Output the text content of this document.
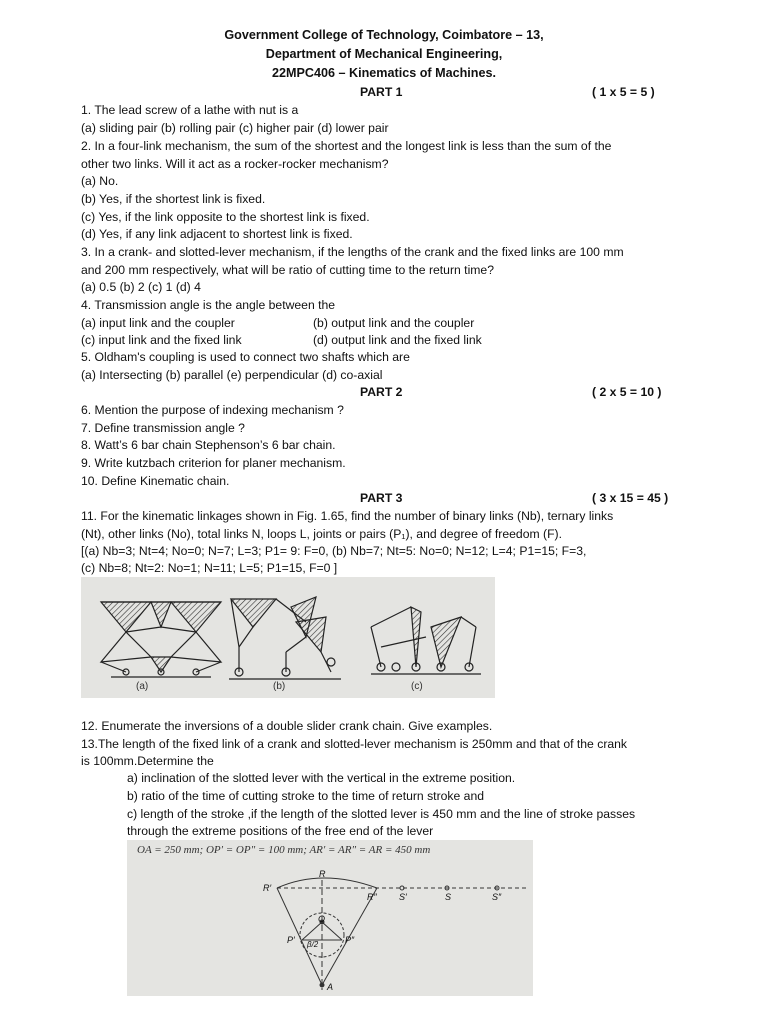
Government College of Technology, Coimbatore – 13,
Department of Mechanical Engineering,
22MPC406 – Kinematics of Machines.
PART 1	( 1 x 5 = 5 )
1. The lead screw of a lathe with nut is a
(a) sliding pair (b) rolling pair (c) higher pair (d) lower pair
2. In a four-link mechanism, the sum of the shortest and the longest link is less than the sum of the
other two links. Will it act as a rocker-rocker mechanism?
(a) No.
(b) Yes, if the shortest link is fixed.
(c) Yes, if the link opposite to the shortest link is fixed.
(d) Yes, if any link adjacent to shortest link is fixed.
3. In a crank- and slotted-lever mechanism, if the lengths of the crank and the fixed links are 100 mm
and 200 mm respectively, what will be ratio of cutting time to the return time?
(a) 0.5 (b) 2 (c) 1 (d) 4
4. Transmission angle is the angle between the
(a) input link and the coupler	(b) output link and the coupler
(c) input link and the fixed link	(d) output link and the fixed link
5. Oldham's coupling is used to connect two shafts which are
(a) Intersecting (b) parallel (e) perpendicular (d) co-axial
PART 2	( 2 x 5 = 10 )
6. Mention the purpose of indexing mechanism ?
7. Define transmission angle ?
8. Watt’s 6 bar chain Stephenson’s 6 bar chain.
9. Write kutzbach criterion for planer mechanism.
10. Define Kinematic chain.
PART 3	( 3 x 15 = 45 )
11. For the kinematic linkages shown in Fig. 1.65, find the number of binary links (Nb), ternary links
(Nt), other links (No), total links N, loops L, joints or pairs (P₁), and degree of freedom (F).
[(a) Nb=3; Nt=4; No=0; N=7; L=3; P1= 9: F=0, (b) Nb=7; Nt=5: No=0; N=12; L=4; P1=15; F=3,
(c) Nb=8; Nt=2: No=1; N=11; L=5; P1=15, F=0 ]
(a)	(b)	(c)
12. Enumerate the inversions of a double slider crank chain. Give examples.
13.The length of the fixed link of a crank and slotted-lever mechanism is 250mm and that of the crank
is 100mm.Determine the
a) inclination of the slotted lever with the vertical in the extreme position.
b) ratio of the time of cutting stroke to the time of return stroke and
c) length of the stroke ,if the length of the slotted lever is 450 mm and the line of stroke passes
through the extreme positions of the free end of the lever
OA = 250 mm; OP′ = OP″ = 100 mm; AR′ = AR″ = AR = 450 mm
R
R′
R″ S′	S	S″
O
P′	P″
β/2
A
